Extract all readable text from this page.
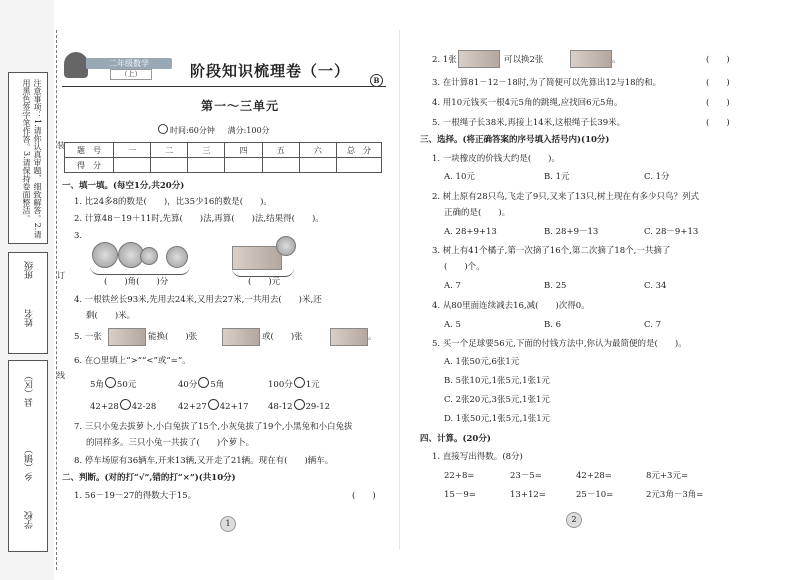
注意事项：1.请你认真审题，细致解答。2.请用黑色签字笔作答。3.请保持卷面整洁。
班级
姓名
县（区）
乡（镇）
学校
装
订
线
二年级数学
（上）	阶段知识梳理卷（一）
B
第一～三单元
时间:60分钟 满分:100分
题　号	一	二	三	四	五	六	总　分
得　分							
一、填一填。(每空1分,共20分)
1. 比24多8的数是(　　)，比35少16的数是(　　)。
2. 计算48－19＋11时,先算(　　)法,再算(　　)法,结果得(　　)。
3.
(　　)角(　　)分	(　　)元
4. 一根铁丝长93米,先用去24米,又用去27米,一共用去(　　)米,还
剩(　　)米。
5. 一张	能换(　　)张	或(　　)张	。
6. 在○里填上“>”“<”或“=”。
5角 50元	40分 5角	100分 1元
42+28 42-28	42+27 42+17 48-12 29-12
7. 三只小兔去拔萝卜,小白兔拔了15个,小灰兔拔了19个,小黑兔和小白兔拔
的同样多。三只小兔一共拔了(　　)个萝卜。
8. 停车场原有36辆车,开来13辆,又开走了21辆。现在有(　　)辆车。
二、判断。(对的打“√”,错的打“×”)(共10分)
1. 56－19－27的得数大于15。	(　　)
1
2. 1张	可以换2张	。	(　　)
3. 在计算81－12－18时,为了简便可以先算出12与18的和。	(　　)
4. 用10元钱买一根4元5角的跳绳,应找回6元5角。	(　　)
5. 一根绳子长38米,再接上14米,这根绳子长39米。	(　　)
三、选择。(将正确答案的序号填入括号内)(10分)
1. 一块橡皮的价钱大约是(　　)。
A. 10元	B. 1元	C. 1分
2. 树上原有28只鸟,飞走了9只,又来了13只,树上现在有多少只鸟？列式
正确的是(　　)。
A. 28+9+13	B. 28+9－13	C. 28－9+13
3. 树上有41个橘子,第一次摘了16个,第二次摘了18个,一共摘了
(　　)个。
A. 7	B. 25	C. 34
4. 从80里面连续减去16,减(　　)次得0。
A. 5	B. 6	C. 7
5. 买一个足球要56元,下面的付钱方法中,你认为最简便的是(　　)。
A. 1张50元,6张1元
B. 5张10元,1张5元,1张1元
C. 2张20元,3张5元,1张1元
D. 1张50元,1张5元,1张1元
四、计算。(20分)
1. 直接写出得数。(8分)
22+8=	23－5=	42+28=	8元+3元=
15－9=	13+12=	25－10=	2元3角－3角=
2
